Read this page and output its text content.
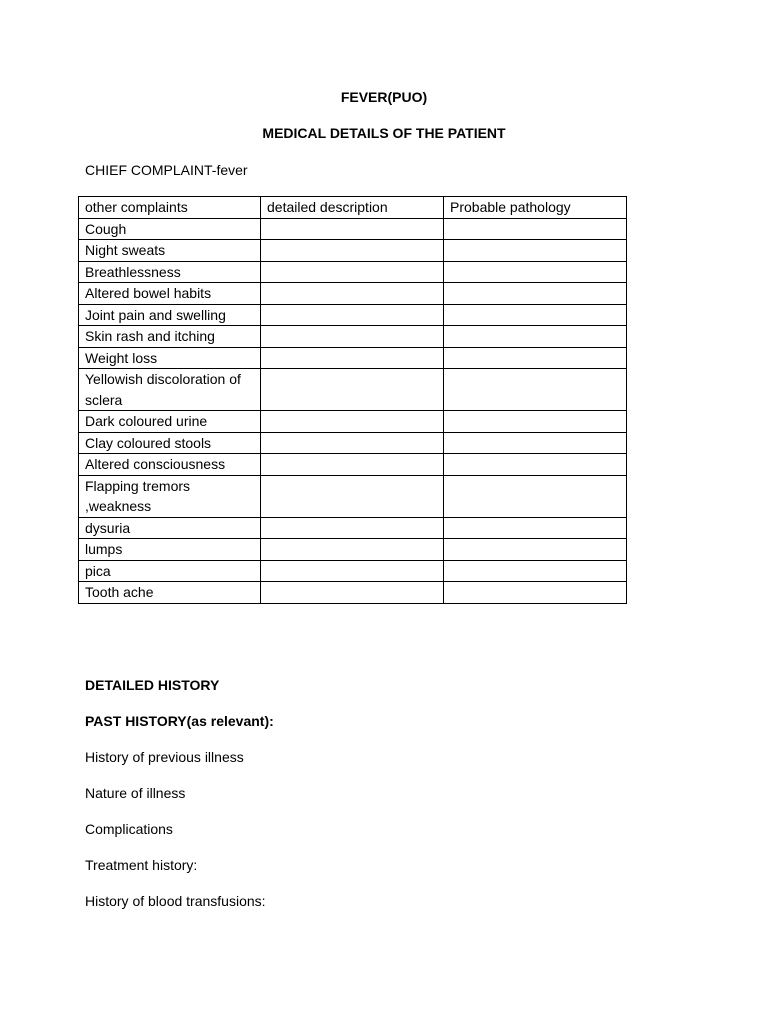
FEVER(PUO)
MEDICAL DETAILS OF THE PATIENT
CHIEF COMPLAINT-fever
other complaints	detailed description	Probable pathology
Cough		
Night sweats		
Breathlessness		
Altered bowel habits		
Joint pain and swelling		
Skin rash and itching		
Weight loss		
Yellowish discoloration of sclera		
Dark coloured urine		
Clay coloured stools		
Altered consciousness		
Flapping tremors ,weakness		
dysuria		
lumps		
pica		
Tooth ache		
DETAILED HISTORY
PAST HISTORY(as relevant):
History of previous illness
Nature of illness
Complications
Treatment history:
History of blood transfusions:
